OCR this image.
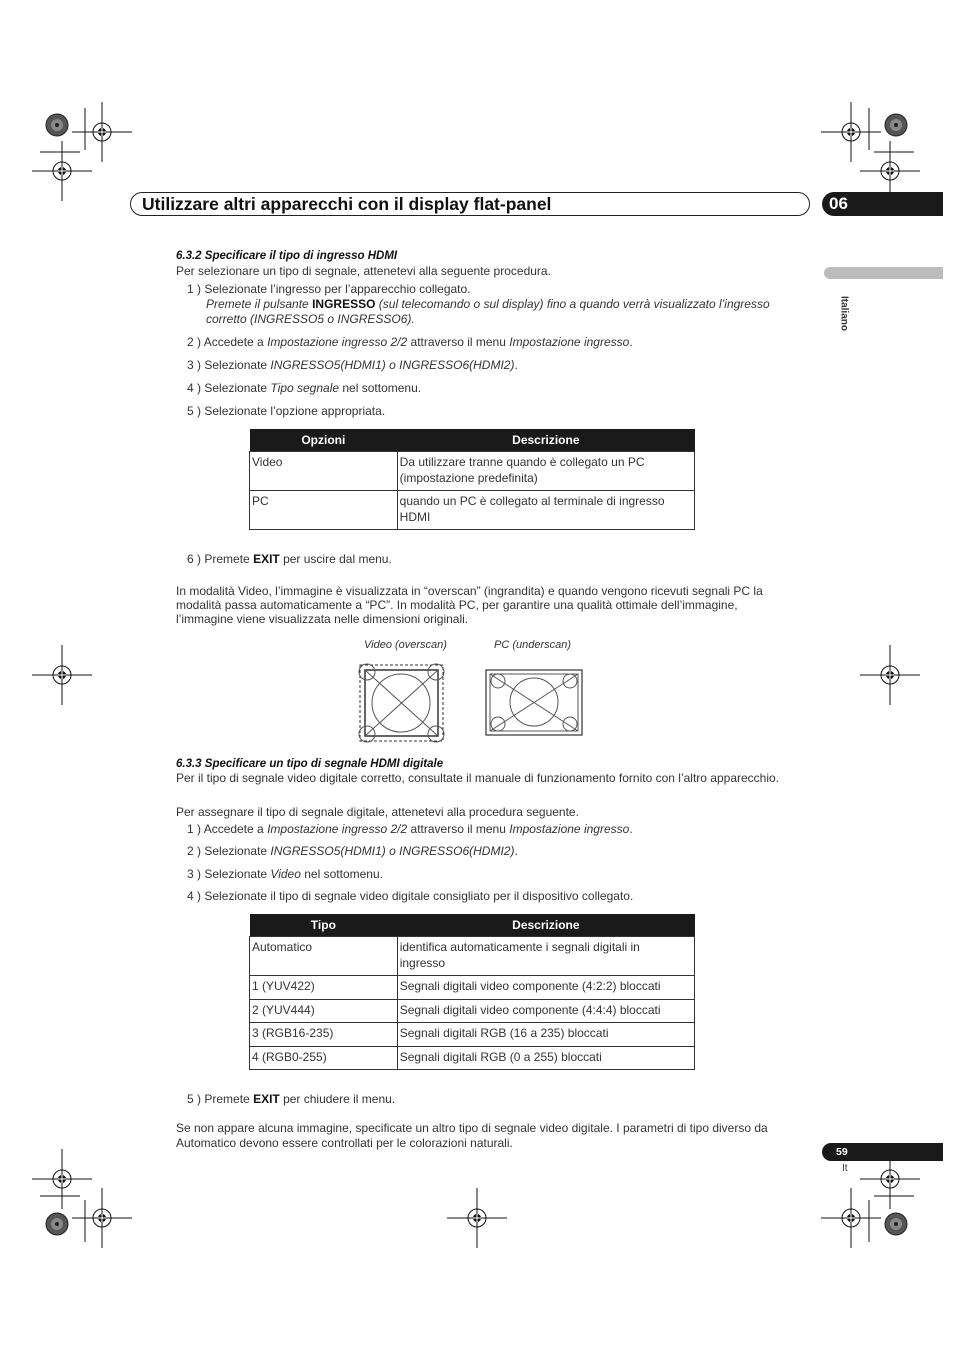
Utilizzare altri apparecchi con il display flat-panel	06
Italiano
6.3.2 Specificare il tipo di ingresso HDMI
Per selezionare un tipo di segnale, attenetevi alla seguente procedura.
1 ) Selezionate l’ingresso per l’apparecchio collegato.
Premete il pulsante INGRESSO (sul telecomando o sul display) fino a quando verrà visualizzato l’ingresso
corretto (INGRESSO5 o INGRESSO6).
2 ) Accedete a Impostazione ingresso 2/2 attraverso il menu Impostazione ingresso.
3 ) Selezionate INGRESSO5(HDMI1) o INGRESSO6(HDMI2).
4 ) Selezionate Tipo segnale nel sottomenu.
5 ) Selezionate l’opzione appropriata.
Opzioni	Descrizione
Video	Da utilizzare tranne quando è collegato un PC
(impostazione predefinita)

PC	quando un PC è collegato al terminale di ingresso
HDMI
6 ) Premete EXIT per uscire dal menu.
In modalità Video, l’immagine è visualizzata in “overscan” (ingrandita) e quando vengono ricevuti segnali PC la
modalità passa automaticamente a “PC”. In modalità PC, per garantire una qualità ottimale dell’immagine,
l’immagine viene visualizzata nelle dimensioni originali.
Video (overscan)	PC (underscan)
6.3.3 Specificare un tipo di segnale HDMI digitale
Per il tipo di segnale video digitale corretto, consultate il manuale di funzionamento fornito con l’altro apparecchio.
Per assegnare il tipo di segnale digitale, attenetevi alla procedura seguente.
1 ) Accedete a Impostazione ingresso 2/2 attraverso il menu Impostazione ingresso.
2 ) Selezionate INGRESSO5(HDMI1) o INGRESSO6(HDMI2).
3 ) Selezionate Video nel sottomenu.
4 ) Selezionate il tipo di segnale video digitale consigliato per il dispositivo collegato.
Tipo	Descrizione
Automatico	identifica automaticamente i segnali digitali in
ingresso

1 (YUV422)	Segnali digitali video componente (4:2:2) bloccati
2 (YUV444)	Segnali digitali video componente (4:4:4) bloccati
3 (RGB16-235)	Segnali digitali RGB (16 a 235) bloccati
4 (RGB0-255)	Segnali digitali RGB (0 a 255) bloccati
5 ) Premete EXIT per chiudere il menu.
Se non appare alcuna immagine, specificate un altro tipo di segnale video digitale. I parametri di tipo diverso da
Automatico devono essere controllati per le colorazioni naturali.
59
It
